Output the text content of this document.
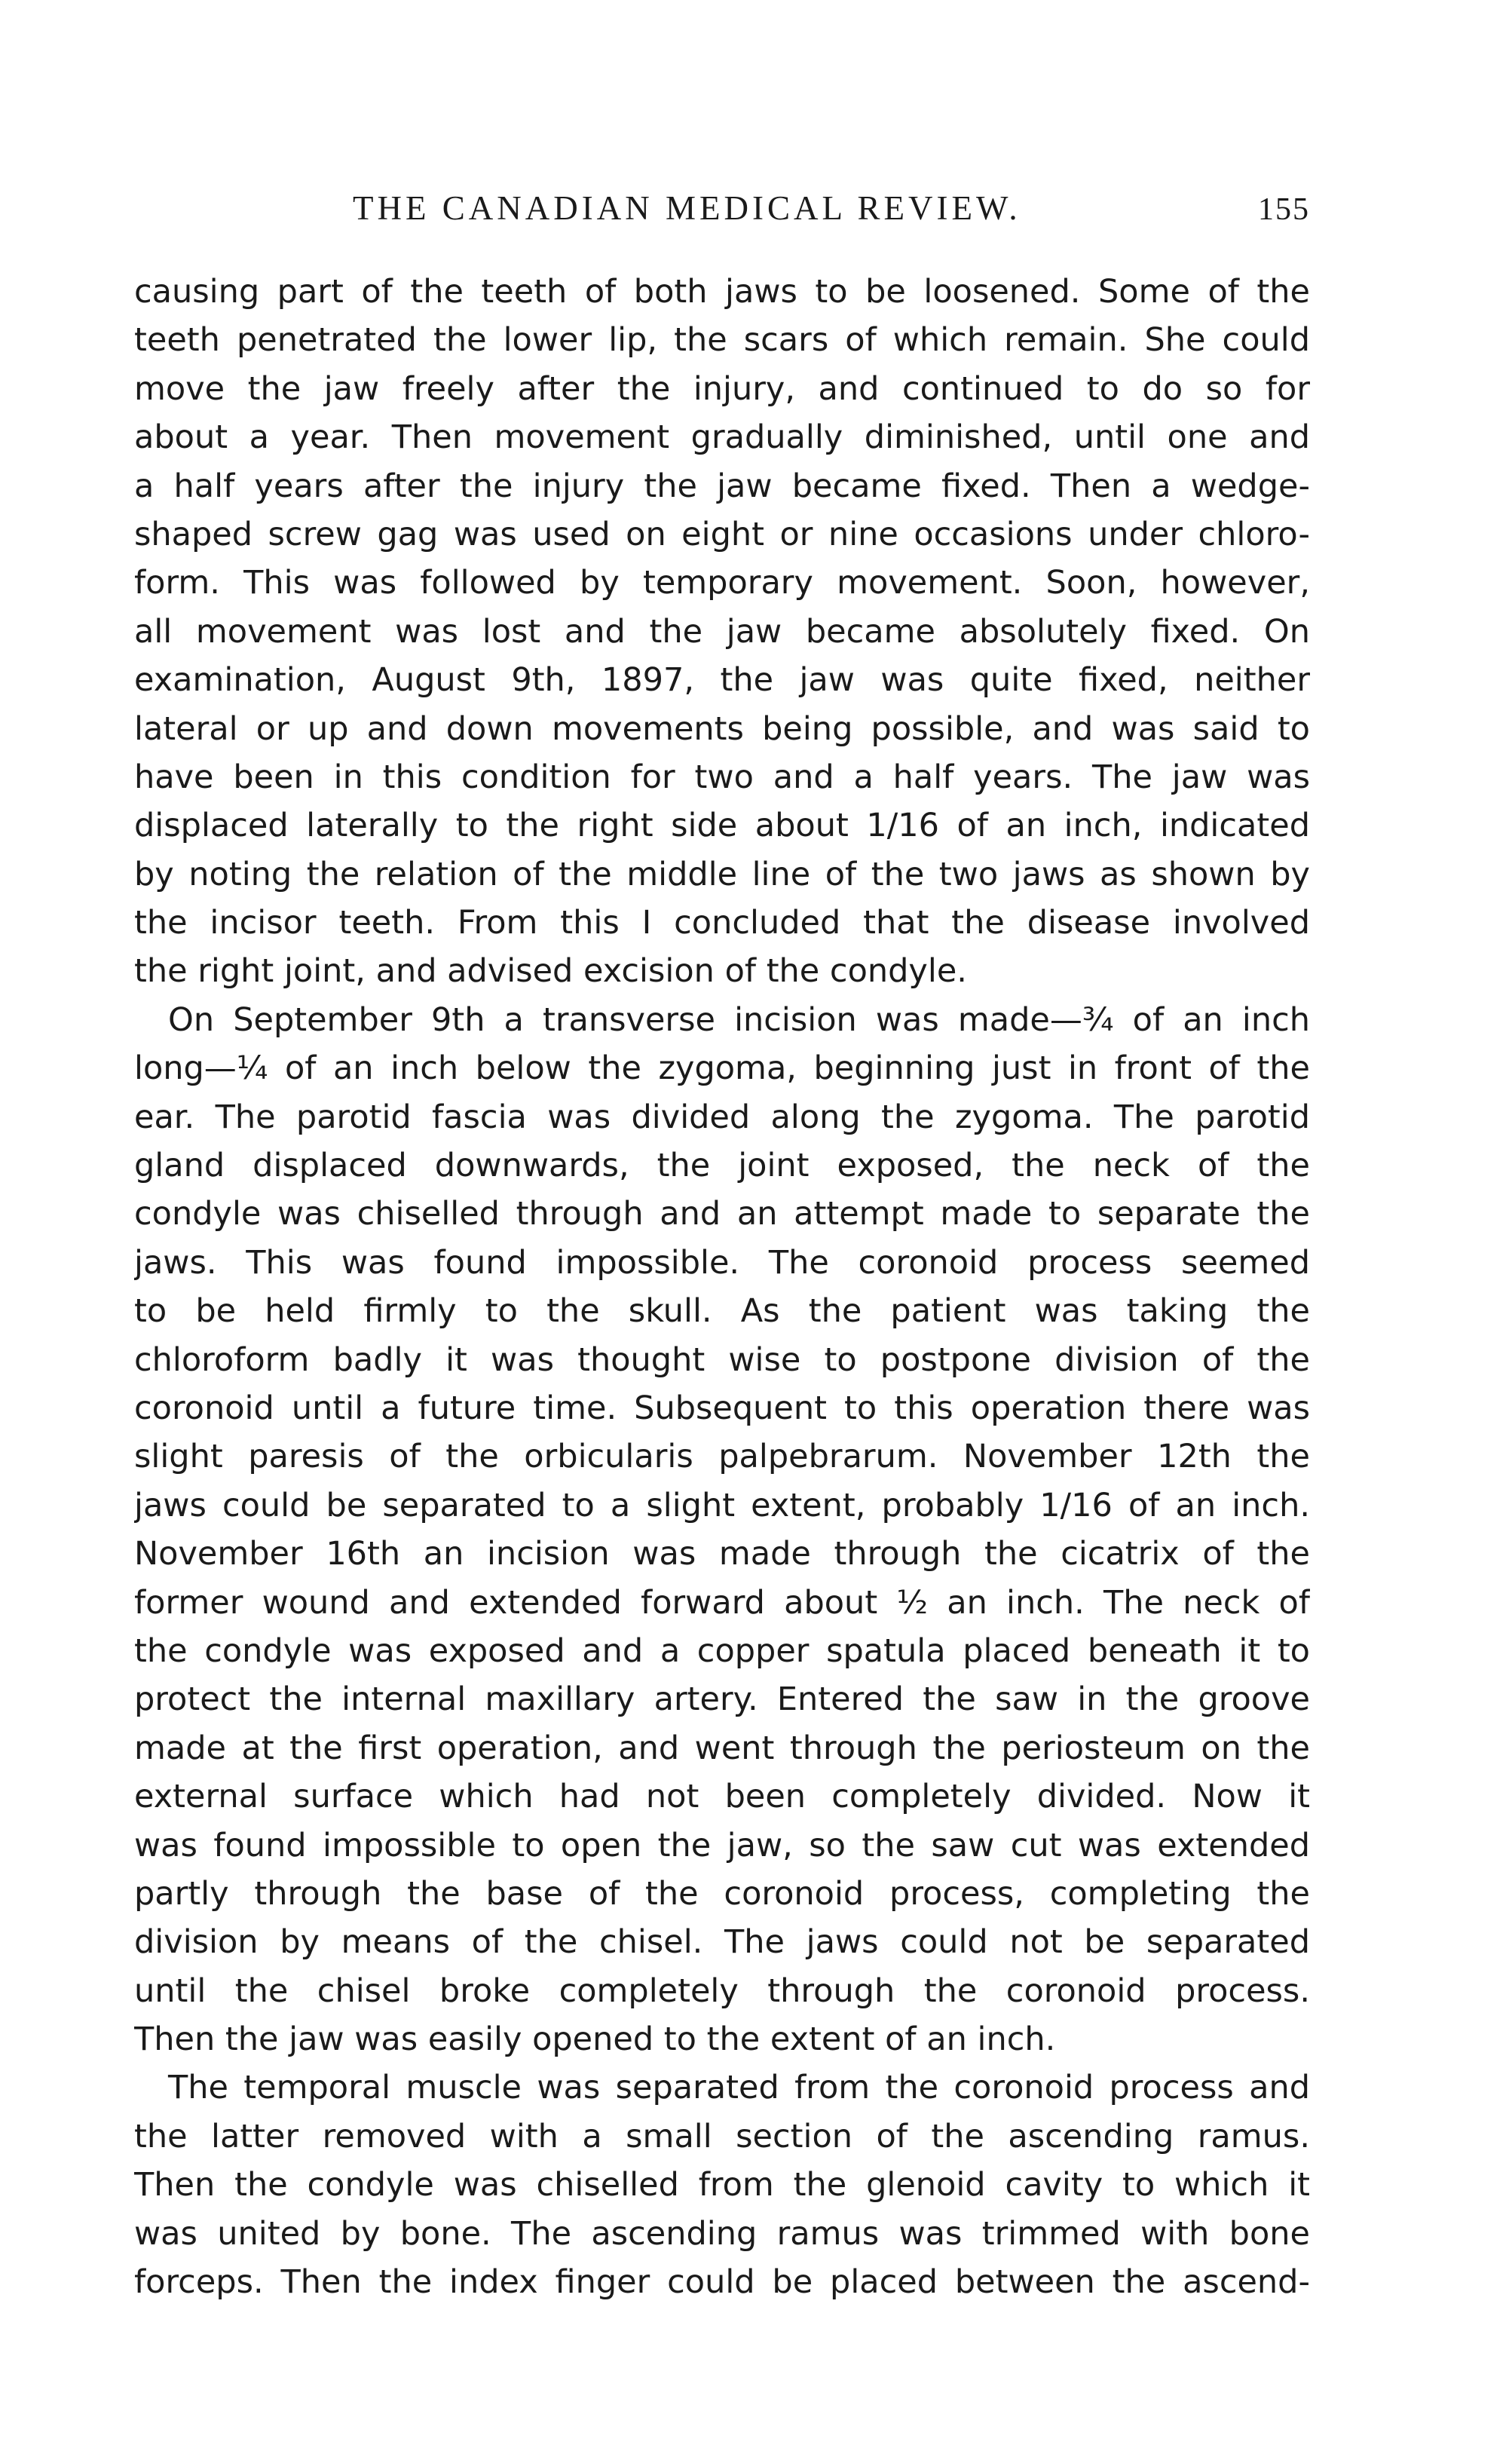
THE CANADIAN MEDICAL REVIEW.	155
causing part of the teeth of both jaws to be loosened. Some of the
teeth penetrated the lower lip, the scars of which remain. She could
move the jaw freely after the injury, and continued to do so for
about a year. Then movement gradually diminished, until one and
a half years after the injury the jaw became fixed. Then a wedge-
shaped screw gag was used on eight or nine occasions under chloro-
form. This was followed by temporary movement. Soon, however,
all movement was lost and the jaw became absolutely fixed. On
examination, August 9th, 1897, the jaw was quite fixed, neither
lateral or up and down movements being possible, and was said to
have been in this condition for two and a half years. The jaw was
displaced laterally to the right side about 1/16 of an inch, indicated
by noting the relation of the middle line of the two jaws as shown by
the incisor teeth. From this I concluded that the disease involved
the right joint, and advised excision of the condyle.
On September 9th a transverse incision was made—¾ of an inch
long—¼ of an inch below the zygoma, beginning just in front of the
ear. The parotid fascia was divided along the zygoma. The parotid
gland displaced downwards, the joint exposed, the neck of the
condyle was chiselled through and an attempt made to separate the
jaws. This was found impossible. The coronoid process seemed
to be held firmly to the skull. As the patient was taking the
chloroform badly it was thought wise to postpone division of the
coronoid until a future time. Subsequent to this operation there was
slight paresis of the orbicularis palpebrarum. November 12th the
jaws could be separated to a slight extent, probably 1/16 of an inch.
November 16th an incision was made through the cicatrix of the
former wound and extended forward about ½ an inch. The neck of
the condyle was exposed and a copper spatula placed beneath it to
protect the internal maxillary artery. Entered the saw in the groove
made at the first operation, and went through the periosteum on the
external surface which had not been completely divided. Now it
was found impossible to open the jaw, so the saw cut was extended
partly through the base of the coronoid process, completing the
division by means of the chisel. The jaws could not be separated
until the chisel broke completely through the coronoid process.
Then the jaw was easily opened to the extent of an inch.
The temporal muscle was separated from the coronoid process and
the latter removed with a small section of the ascending ramus.
Then the condyle was chiselled from the glenoid cavity to which it
was united by bone. The ascending ramus was trimmed with bone
forceps. Then the index finger could be placed between the ascend-
